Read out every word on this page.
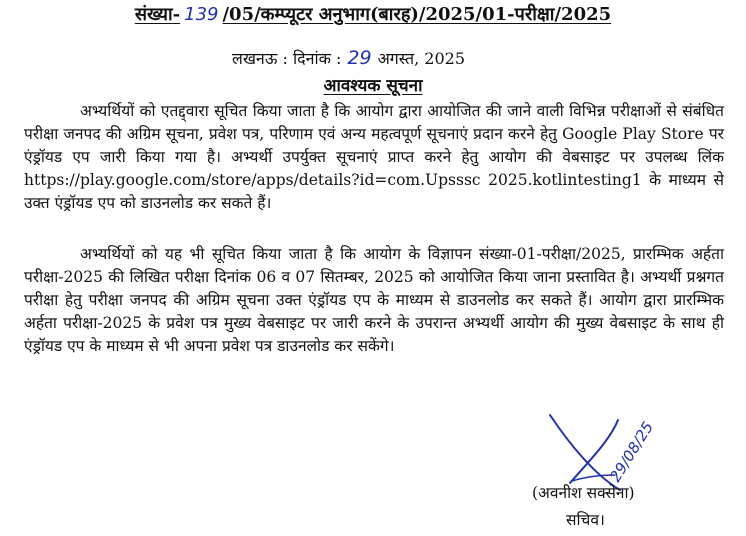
संख्या- 139 /05/कम्प्यूटर अनुभाग(बारह)/2025/01-परीक्षा/2025
लखनऊ : दिनांक : 29 अगस्त, 2025
आवश्यक सूचना

अभ्यर्थियों को एतद्द्वारा सूचित किया जाता है कि आयोग द्वारा आयोजित की जाने वाली विभिन्न परीक्षाओं से संबंधित परीक्षा जनपद की अग्रिम सूचना, प्रवेश पत्र, परिणाम एवं अन्य महत्वपूर्ण सूचनाएं प्रदान करने हेतु Google Play Store पर एंड्रॉयड एप जारी किया गया है। अभ्यर्थी उपर्युक्त सूचनाएं प्राप्त करने हेतु आयोग की वेबसाइट पर उपलब्ध लिंक https://play.google.com/store/apps/details?id=com.Upsssc 2025.kotlintesting1 के माध्यम से उक्त एंड्रॉयड एप को डाउनलोड कर सकते हैं।

अभ्यर्थियों को यह भी सूचित किया जाता है कि आयोग के विज्ञापन संख्या-01-परीक्षा/2025, प्रारम्भिक अर्हता परीक्षा-2025 की लिखित परीक्षा दिनांक 06 व 07 सितम्बर, 2025 को आयोजित किया जाना प्रस्तावित है। अभ्यर्थी प्रश्नगत परीक्षा हेतु परीक्षा जनपद की अग्रिम सूचना उक्त एंड्रॉयड एप के माध्यम से डाउनलोड कर सकते हैं। आयोग द्वारा प्रारम्भिक अर्हता परीक्षा-2025 के प्रवेश पत्र मुख्य वेबसाइट पर जारी करने के उपरान्त अभ्यर्थी आयोग की मुख्य वेबसाइट के साथ ही एंड्रॉयड एप के माध्यम से भी अपना प्रवेश पत्र डाउनलोड कर सकेंगे।

29/08/25
(अवनीश सक्सेना)
सचिव।
